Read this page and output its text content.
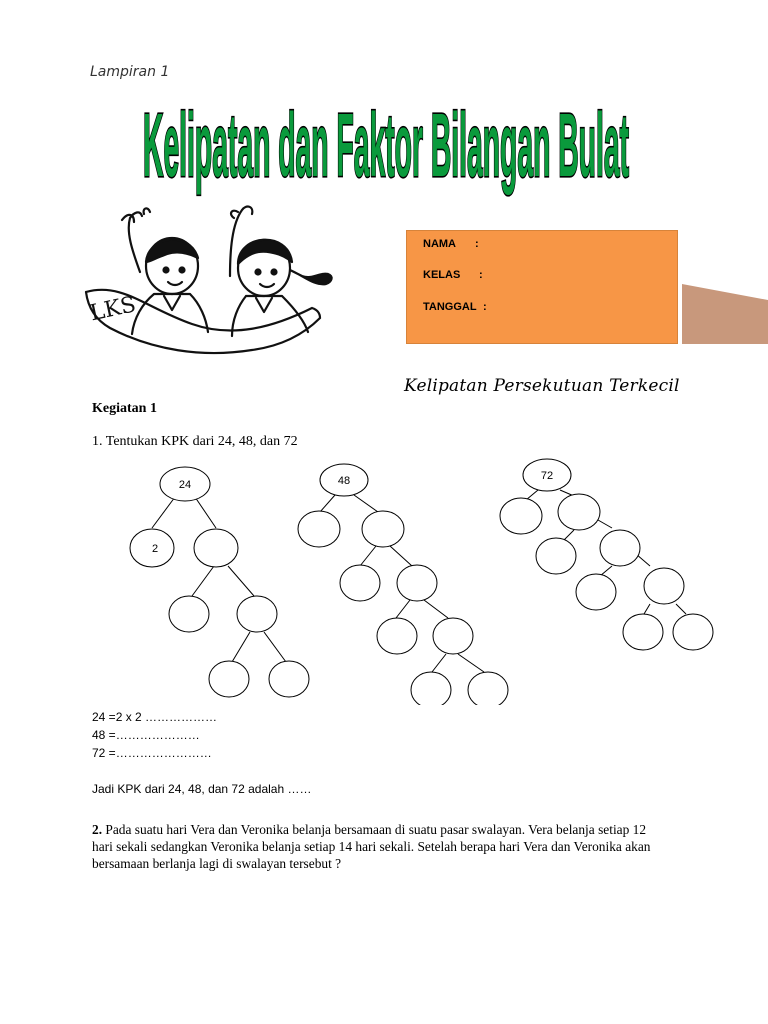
Lampiran 1
Kelipatan dan Faktor Bilangan Bulat
LKS
NAMA :
KELAS :
TANGGAL :
Kelipatan Persekutuan Terkecil
Kegiatan 1
1. Tentukan KPK dari 24, 48, dan 72
24
2
48	72
24 =2 x 2 ………………
48 =…………………
72 =……………………
Jadi KPK dari 24, 48, dan 72 adalah ……
2. Pada suatu hari Vera dan Veronika belanja bersamaan di suatu pasar swalayan. Vera belanja setiap 12
hari sekali sedangkan Veronika belanja setiap 14 hari sekali. Setelah berapa hari Vera dan Veronika akan
bersamaan berlanja lagi di swalayan tersebut ?
